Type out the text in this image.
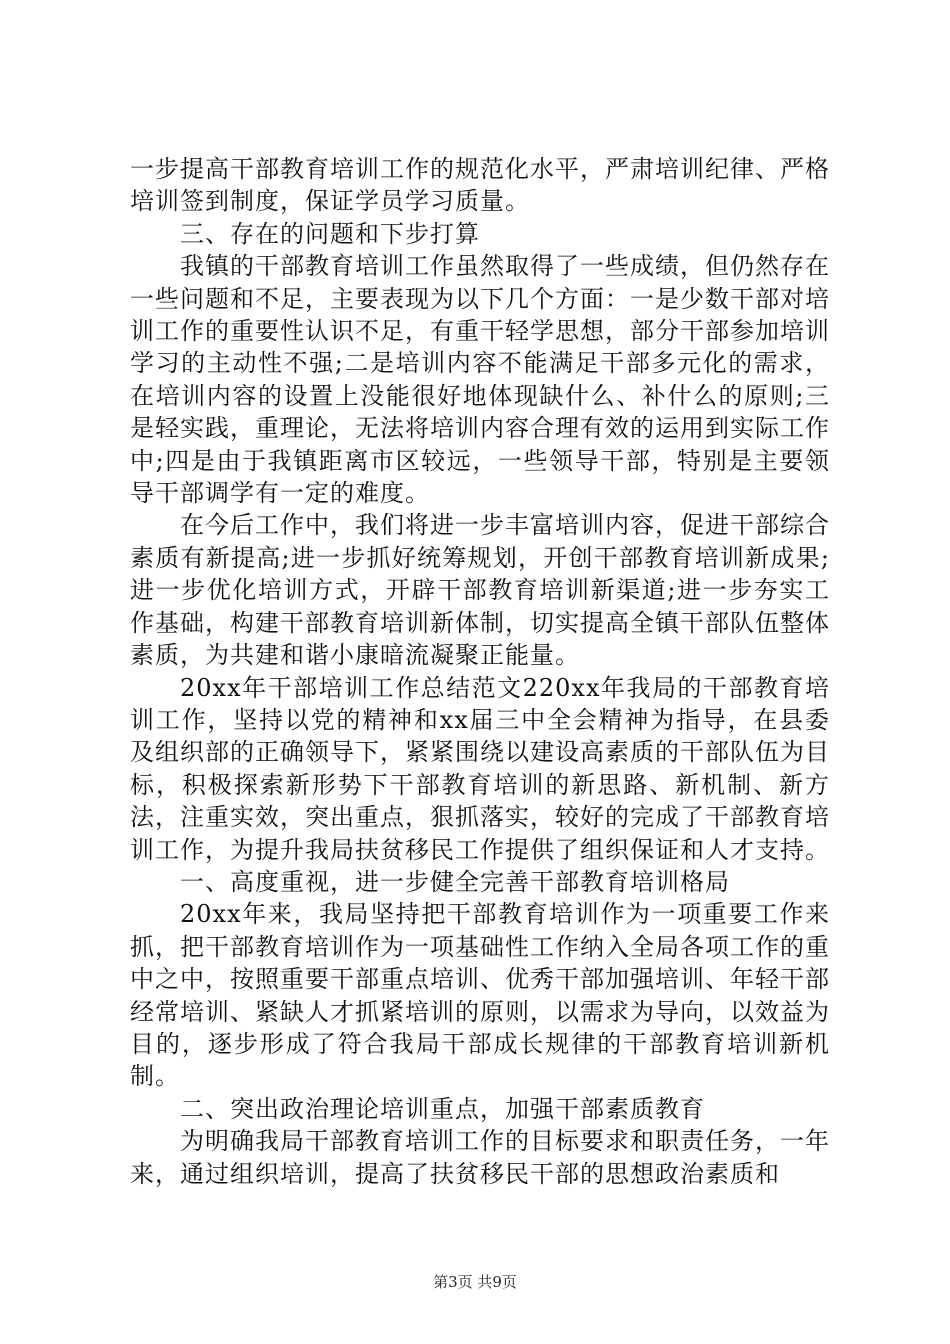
一步提高干部教育培训工作的规范化水平，严肃培训纪律、严格培训签到制度，保证学员学习质量。

三、存在的问题和下步打算

我镇的干部教育培训工作虽然取得了一些成绩，但仍然存在一些问题和不足，主要表现为以下几个方面：一是少数干部对培训工作的重要性认识不足，有重干轻学思想，部分干部参加培训学习的主动性不强;二是培训内容不能满足干部多元化的需求，在培训内容的设置上没能很好地体现缺什么、补什么的原则;三是轻实践，重理论，无法将培训内容合理有效的运用到实际工作中;四是由于我镇距离市区较远，一些领导干部，特别是主要领导干部调学有一定的难度。

在今后工作中，我们将进一步丰富培训内容，促进干部综合素质有新提高;进一步抓好统筹规划，开创干部教育培训新成果;进一步优化培训方式，开辟干部教育培训新渠道;进一步夯实工作基础，构建干部教育培训新体制，切实提高全镇干部队伍整体素质，为共建和谐小康暗流凝聚正能量。

20xx年干部培训工作总结范文220xx年我局的干部教育培训工作，坚持以党的精神和xx届三中全会精神为指导，在县委及组织部的正确领导下，紧紧围绕以建设高素质的干部队伍为目标，积极探索新形势下干部教育培训的新思路、新机制、新方法，注重实效，突出重点，狠抓落实，较好的完成了干部教育培训工作，为提升我局扶贫移民工作提供了组织保证和人才支持。

一、高度重视，进一步健全完善干部教育培训格局

20xx年来，我局坚持把干部教育培训作为一项重要工作来抓，把干部教育培训作为一项基础性工作纳入全局各项工作的重中之中，按照重要干部重点培训、优秀干部加强培训、年轻干部经常培训、紧缺人才抓紧培训的原则，以需求为导向，以效益为目的，逐步形成了符合我局干部成长规律的干部教育培训新机制。

二、突出政治理论培训重点，加强干部素质教育

为明确我局干部教育培训工作的目标要求和职责任务，一年来，通过组织培训，提高了扶贫移民干部的思想政治素质和

第3页 共9页
